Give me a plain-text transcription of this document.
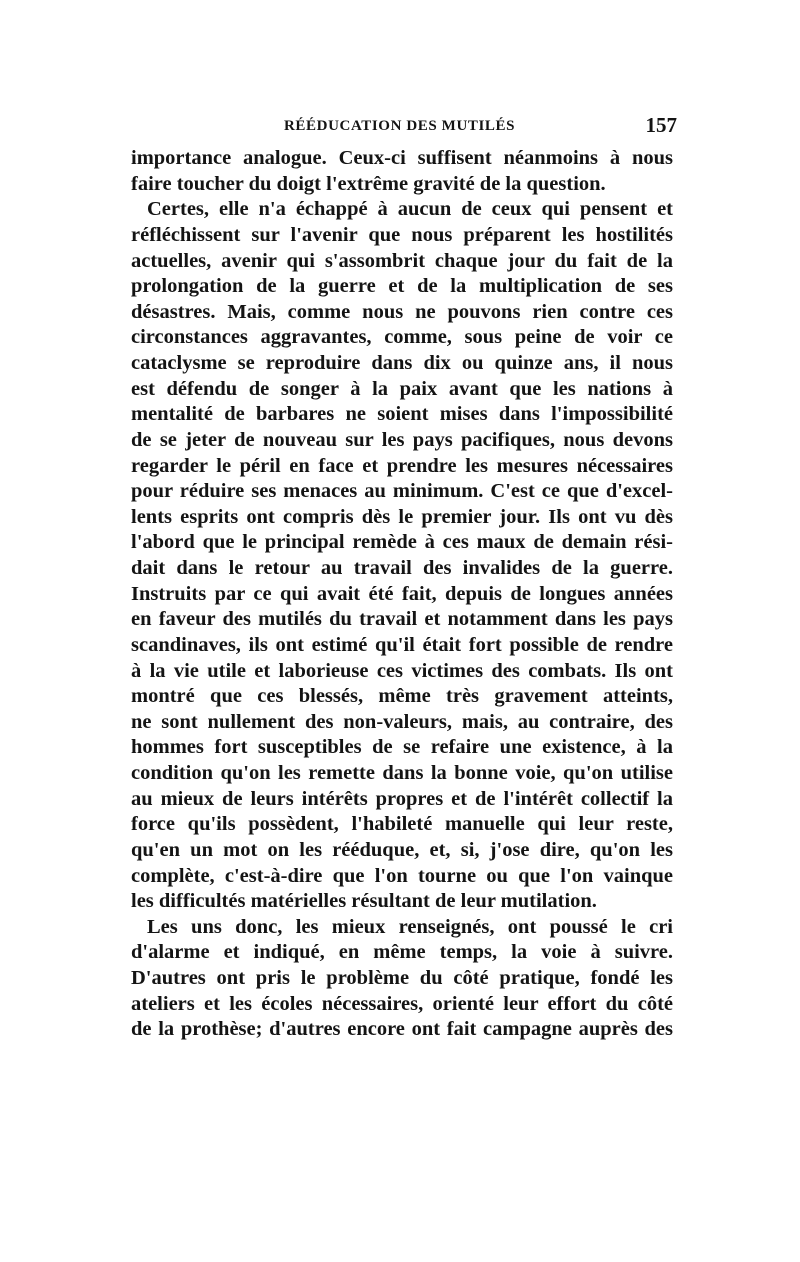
RÉÉDUCATION DES MUTILÉS	157
importance analogue. Ceux-ci suffisent néanmoins à nous
faire toucher du doigt l'extrême gravité de la question.
Certes, elle n'a échappé à aucun de ceux qui pensent et
réfléchissent sur l'avenir que nous préparent les hostilités
actuelles, avenir qui s'assombrit chaque jour du fait de la
prolongation de la guerre et de la multiplication de ses
désastres. Mais, comme nous ne pouvons rien contre ces
circonstances aggravantes, comme, sous peine de voir ce
cataclysme se reproduire dans dix ou quinze ans, il nous
est défendu de songer à la paix avant que les nations à
mentalité de barbares ne soient mises dans l'impossibilité
de se jeter de nouveau sur les pays pacifiques, nous devons
regarder le péril en face et prendre les mesures nécessaires
pour réduire ses menaces au minimum. C'est ce que d'excel-
lents esprits ont compris dès le premier jour. Ils ont vu dès
l'abord que le principal remède à ces maux de demain rési-
dait dans le retour au travail des invalides de la guerre.
Instruits par ce qui avait été fait, depuis de longues années
en faveur des mutilés du travail et notamment dans les pays
scandinaves, ils ont estimé qu'il était fort possible de rendre
à la vie utile et laborieuse ces victimes des combats. Ils ont
montré que ces blessés, même très gravement atteints,
ne sont nullement des non-valeurs, mais, au contraire, des
hommes fort susceptibles de se refaire une existence, à la
condition qu'on les remette dans la bonne voie, qu'on utilise
au mieux de leurs intérêts propres et de l'intérêt collectif la
force qu'ils possèdent, l'habileté manuelle qui leur reste,
qu'en un mot on les rééduque, et, si, j'ose dire, qu'on les
complète, c'est-à-dire que l'on tourne ou que l'on vainque
les difficultés matérielles résultant de leur mutilation.
Les uns donc, les mieux renseignés, ont poussé le cri
d'alarme et indiqué, en même temps, la voie à suivre.
D'autres ont pris le problème du côté pratique, fondé les
ateliers et les écoles nécessaires, orienté leur effort du côté
de la prothèse; d'autres encore ont fait campagne auprès des
